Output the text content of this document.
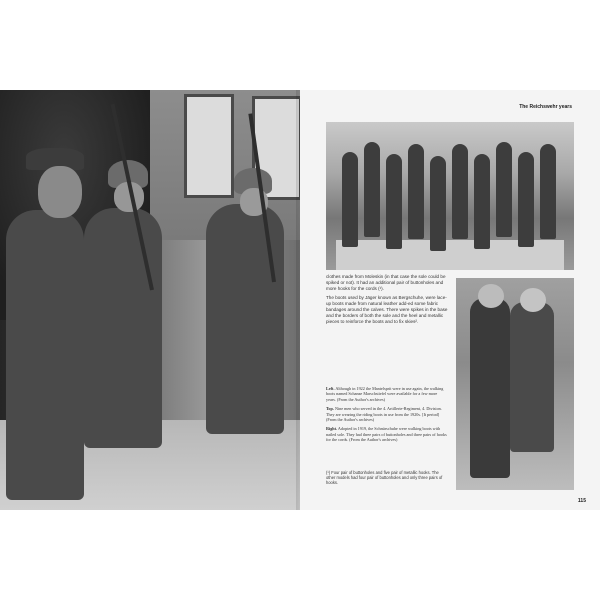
The Reichswehr years

clothes made from Moleskin (in that case the sole could be spiked or not). It had an additional pair of buttonholes and more hooks for the cords (¹).

The boots used by Jäger known as Bergschuhe, were lace-up boots made from natural leather add-ed some fabric bandages around the calves. There were spikes in the base and the borders of both the sole and the heel and metallic pieces to reinforce the boots and to fix skies².

Left. Although in 1922 the Mantelsprit were in use again, the walking boots named Schanze Marschstiefel were available for a few more years. (From the Author's archives)

Top. Nine men who served in the 4. Artillerie-Regiment, 4. Division. They are wearing the riding boots in use from the 1920s. [It period] (From the Author's archives)

Right. Adopted in 1919, the Schnürschuhe were walking boots with nailed sole. They had three pairs of buttonholes and three pairs of hooks for the cords. (From the Author's archives)

(¹) Four pair of buttonholes and five pair of metallic hooks. The other models had four pair of buttonholes and only three pairs of hooks.
115
